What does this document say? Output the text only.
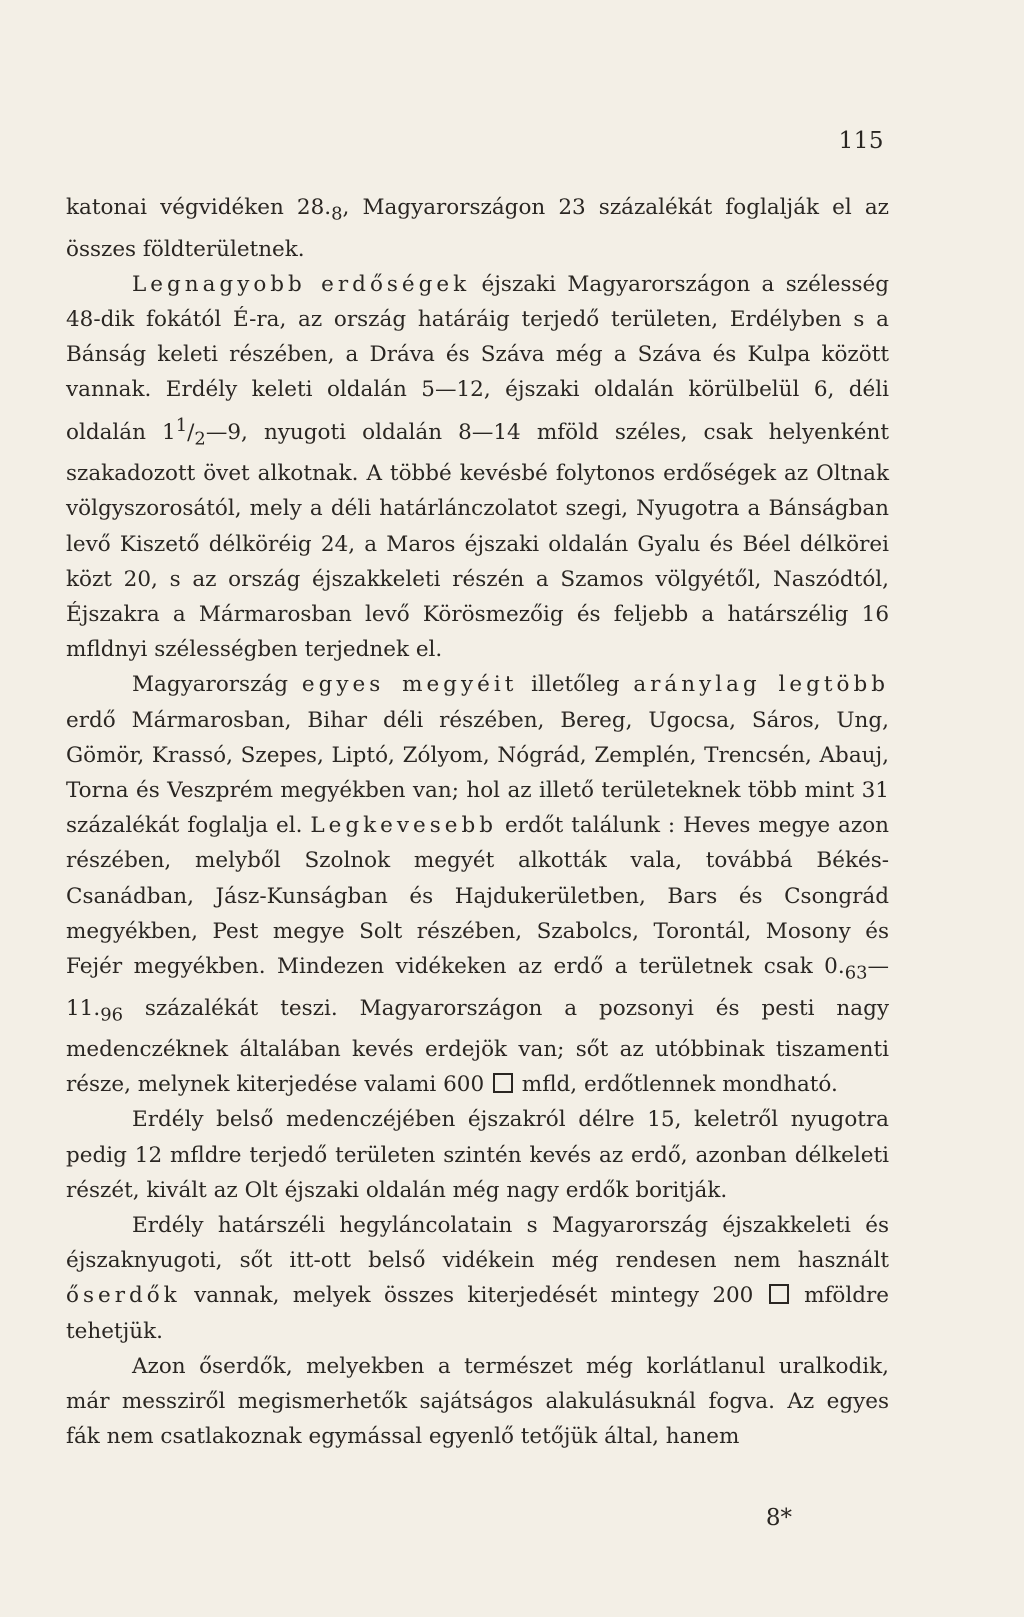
115

katonai végvidéken $28._8$, Magyarországon 23 százalékát foglalják el az összes földterületnek.

Legnagyobb erdőségek éjszaki Magyarországon a szélesség 48-dik fokától É-ra, az ország határáig terjedő területen, Erdélyben s a Bánság keleti részében, a Dráva és Száva még a Száva és Kulpa között vannak. Erdély keleti oldalán 5—12, éjszaki oldalán körülbelül 6, déli oldalán $1^1/_2—9$, nyugoti oldalán 8—14 mföld széles, csak helyenként szakadozott övet alkotnak. A többé kevésbé folytonos erdőségek az Oltnak völgyszorosától, mely a déli határlánczolatot szegi, Nyugotra a Bánságban levő Kiszető délköréig 24, a Maros éjszaki oldalán Gyalu és Béel délkörei közt 20, s az ország éjszakkeleti részén a Szamos völgyétől, Naszódtól, Éjszakra a Mármarosban levő Körösmezőig és feljebb a határszélig 16 mfldnyi szélességben terjednek el.

Magyarország egyes megyéit illetőleg aránylag legtöbb erdő Mármarosban, Bihar déli részében, Bereg, Ugocsa, Sáros, Ung, Gömör, Krassó, Szepes, Liptó, Zólyom, Nógrád, Zemplén, Trencsén, Abauj, Torna és Veszprém megyékben van; hol az illető területeknek több mint 31 százalékát foglalja el. Legkevesebb erdőt találunk : Heves megye azon részében, melyből Szolnok megyét alkották vala, továbbá Békés-Csanádban, Jász-Kunságban és Hajdukerületben, Bars és Csongrád megyékben, Pest megye Solt részében, Szabolcs, Torontál, Mosony és Fejér megyékben. Mindezen vidékeken az erdő a területnek csak $0._{63}—11._{96}$ százalékát teszi. Magyarországon a pozsonyi és pesti nagy medenczéknek általában kevés erdejök van; sőt az utóbbinak tiszamenti része, melynek kiterjedése valami 600  mfld, erdőtlennek mondható.

Erdély belső medenczéjében éjszakról délre 15, keletről nyugotra pedig 12 mfldre terjedő területen szintén kevés az erdő, azonban délkeleti részét, kivált az Olt éjszaki oldalán még nagy erdők boritják.

Erdély határszéli hegyláncolatain s Magyarország éjszakkeleti és éjszaknyugoti, sőt itt-ott belső vidékein még rendesen nem használt őserdők vannak, melyek összes kiterjedését mintegy 200  mföldre tehetjük.

Azon őserdők, melyekben a természet még korlátlanul uralkodik, már messziről megismerhetők sajátságos alakulásuknál fogva. Az egyes fák nem csatlakoznak egymással egyenlő tetőjük által, hanem

8*
